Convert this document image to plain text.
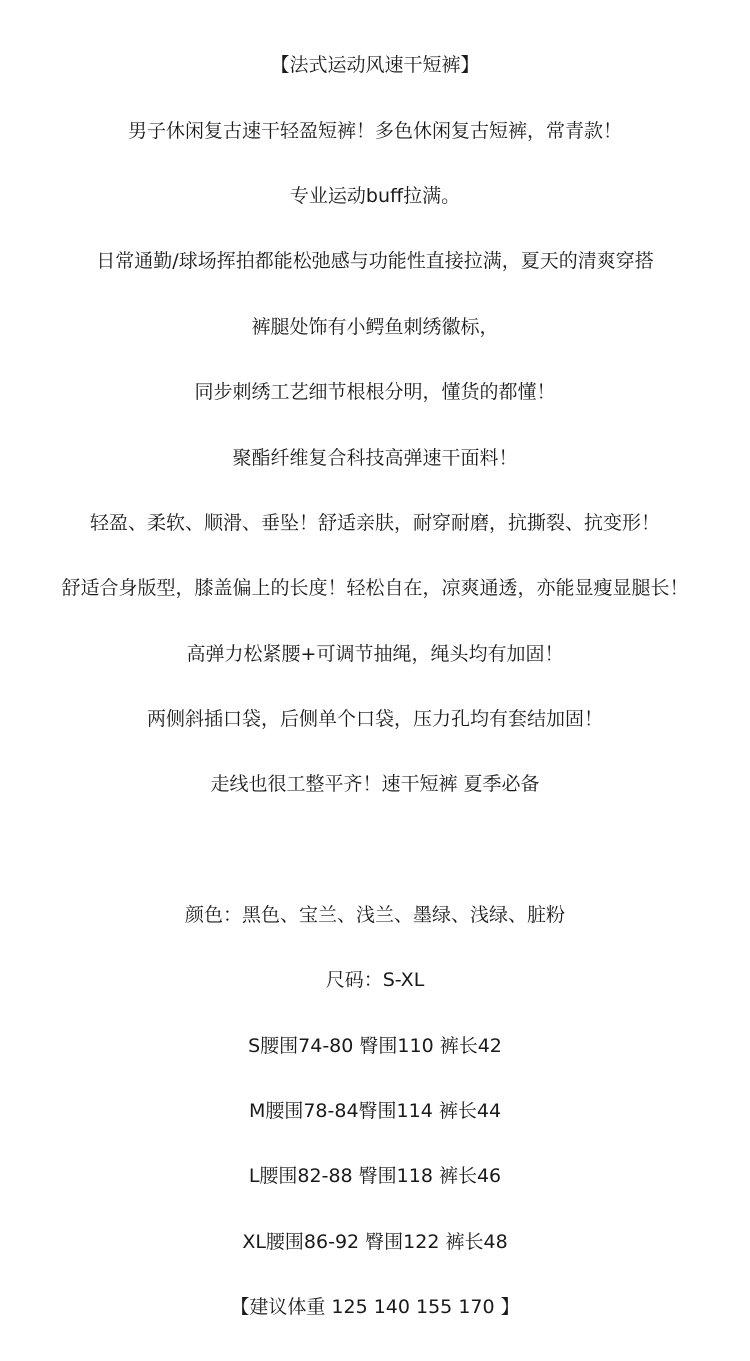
【法式运动风速干短裤】
男子休闲复古速干轻盈短裤！多色休闲复古短裤，常青款！
专业运动buff拉满。
日常通勤/球场挥拍都能松弛感与功能性直接拉满，夏天的清爽穿搭
裤腿处饰有小鳄鱼刺绣徽标，
同步刺绣工艺细节根根分明，懂货的都懂！
聚酯纤维复合科技高弹速干面料！
轻盈、柔软、顺滑、垂坠！舒适亲肤，耐穿耐磨，抗撕裂、抗变形！
舒适合身版型，膝盖偏上的长度！轻松自在，凉爽通透，亦能显瘦显腿长！
高弹力松紧腰+可调节抽绳，绳头均有加固！
两侧斜插口袋，后侧单个口袋，压力孔均有套结加固！
走线也很工整平齐！速干短裤 夏季必备
颜色：黑色、宝兰、浅兰、墨绿、浅绿、脏粉
尺码：S-XL
S腰围74-80 臀围110 裤长42
M腰围78-84臀围114 裤长44
L腰围82-88 臀围118 裤长46
XL腰围86-92 臀围122 裤长48
【建议体重 125 140 155 170 】
